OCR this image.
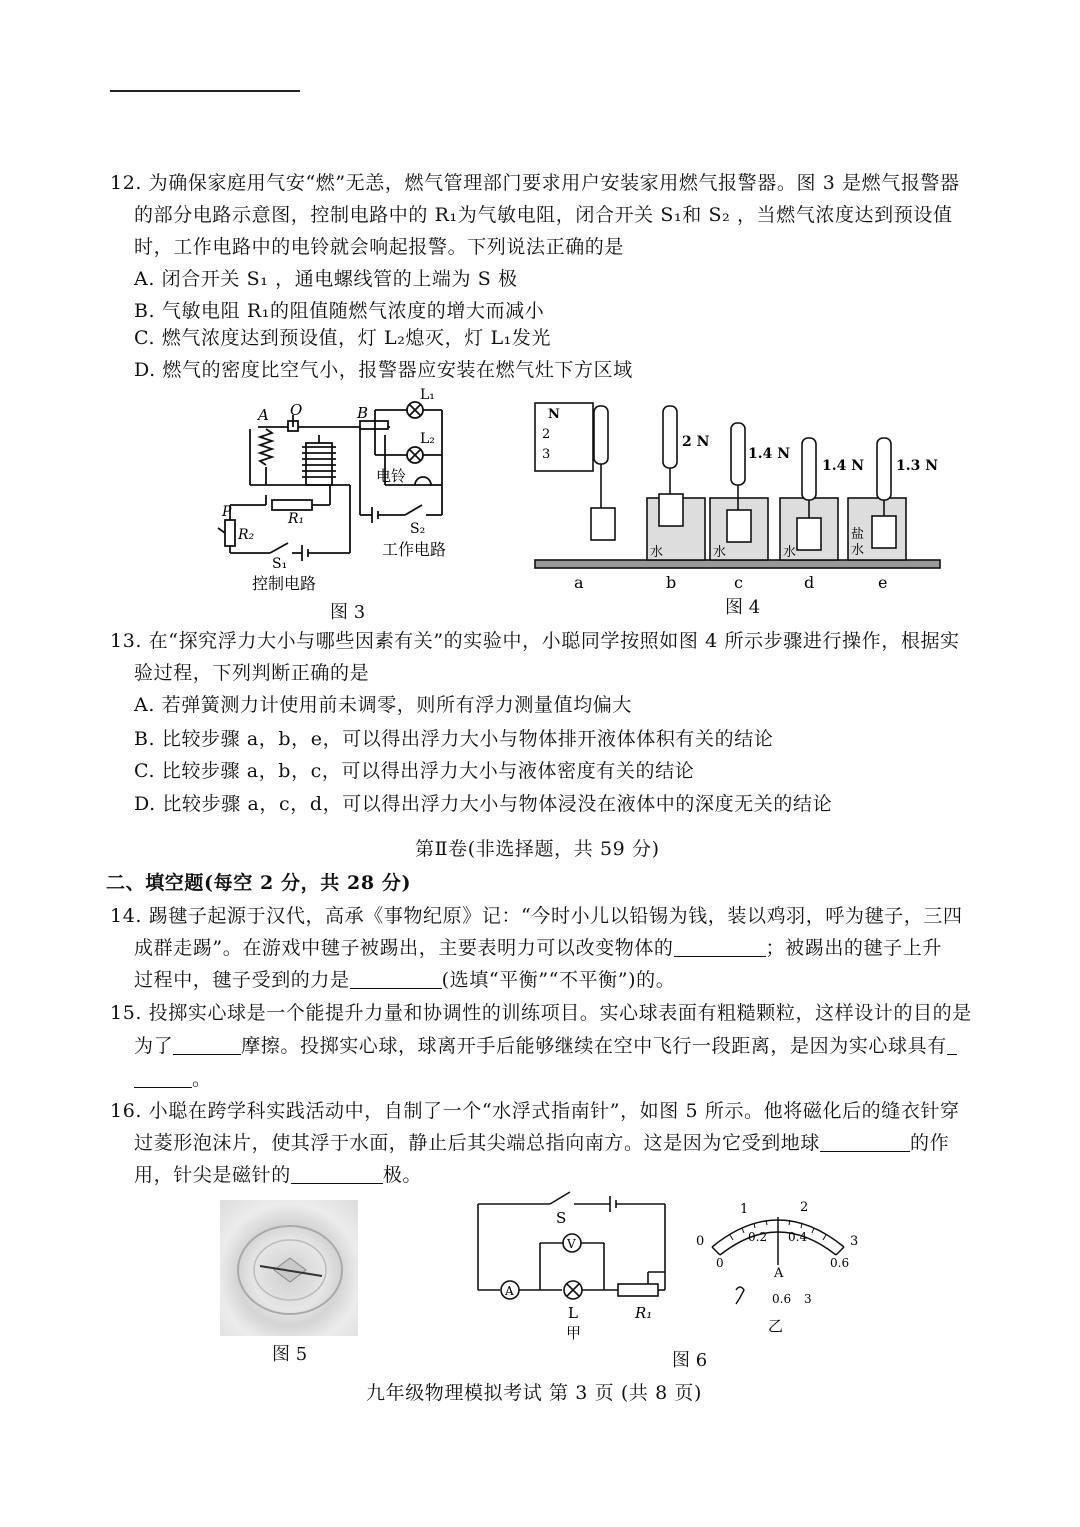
12. 为确保家庭用气安“燃”无恙，燃气管理部门要求用户安装家用燃气报警器。图 3 是燃气报警器
的部分电路示意图，控制电路中的 R₁为气敏电阻，闭合开关 S₁和 S₂ ，当燃气浓度达到预设值
时，工作电路中的电铃就会响起报警。下列说法正确的是
A. 闭合开关 S₁ ，通电螺线管的上端为 S 极
B. 气敏电阻 R₁的阻值随燃气浓度的增大而减小
C. 燃气浓度达到预设值，灯 L₂熄灭，灯 L₁发光
D. 燃气的密度比空气小，报警器应安装在燃气灶下方区域
A O	B
L₁
L₂
电铃
R₁
P
R₂
S₁
S₂
控制电路
工作电路
图 3
N
2
3
2 N
1.4 N
1.4 N 1.3 N
水	水	水
盐
水
a	b	c	d	e
图 4
13. 在“探究浮力大小与哪些因素有关”的实验中，小聪同学按照如图 4 所示步骤进行操作，根据实
验过程，下列判断正确的是
A. 若弹簧测力计使用前未调零，则所有浮力测量值均偏大
B. 比较步骤 a，b，e，可以得出浮力大小与物体排开液体体积有关的结论
C. 比较步骤 a，b，c，可以得出浮力大小与液体密度有关的结论
D. 比较步骤 a，c，d，可以得出浮力大小与物体浸没在液体中的深度无关的结论
第Ⅱ卷(非选择题，共 59 分)
二、填空题(每空 2 分，共 28 分)
14. 踢毽子起源于汉代，高承《事物纪原》记：“今时小儿以铅锡为钱，装以鸡羽，呼为毽子，三四
成群走踢”。在游戏中毽子被踢出，主要表明力可以改变物体的	；被踢出的毽子上升
过程中，毽子受到的力是	(选填“平衡”“不平衡”)的。
15. 投掷实心球是一个能提升力量和协调性的训练项目。实心球表面有粗糙颗粒，这样设计的目的是
为了	摩擦。投掷实心球，球离开手后能够继续在空中飞行一段距离，是因为实心球具有
。
16. 小聪在跨学科实践活动中，自制了一个“水浮式指南针”，如图 5 所示。他将磁化后的缝衣针穿
过菱形泡沫片，使其浮于水面，静止后其尖端总指向南方。这是因为它受到地球	的作
用，针尖是磁针的	极。
图 5
S
V
A
L	R₁
甲
0
1	2
3
0
0.2 0.4
0.6
A
0.6 3
乙
图 6
九年级物理模拟考试 第 3 页 (共 8 页)
